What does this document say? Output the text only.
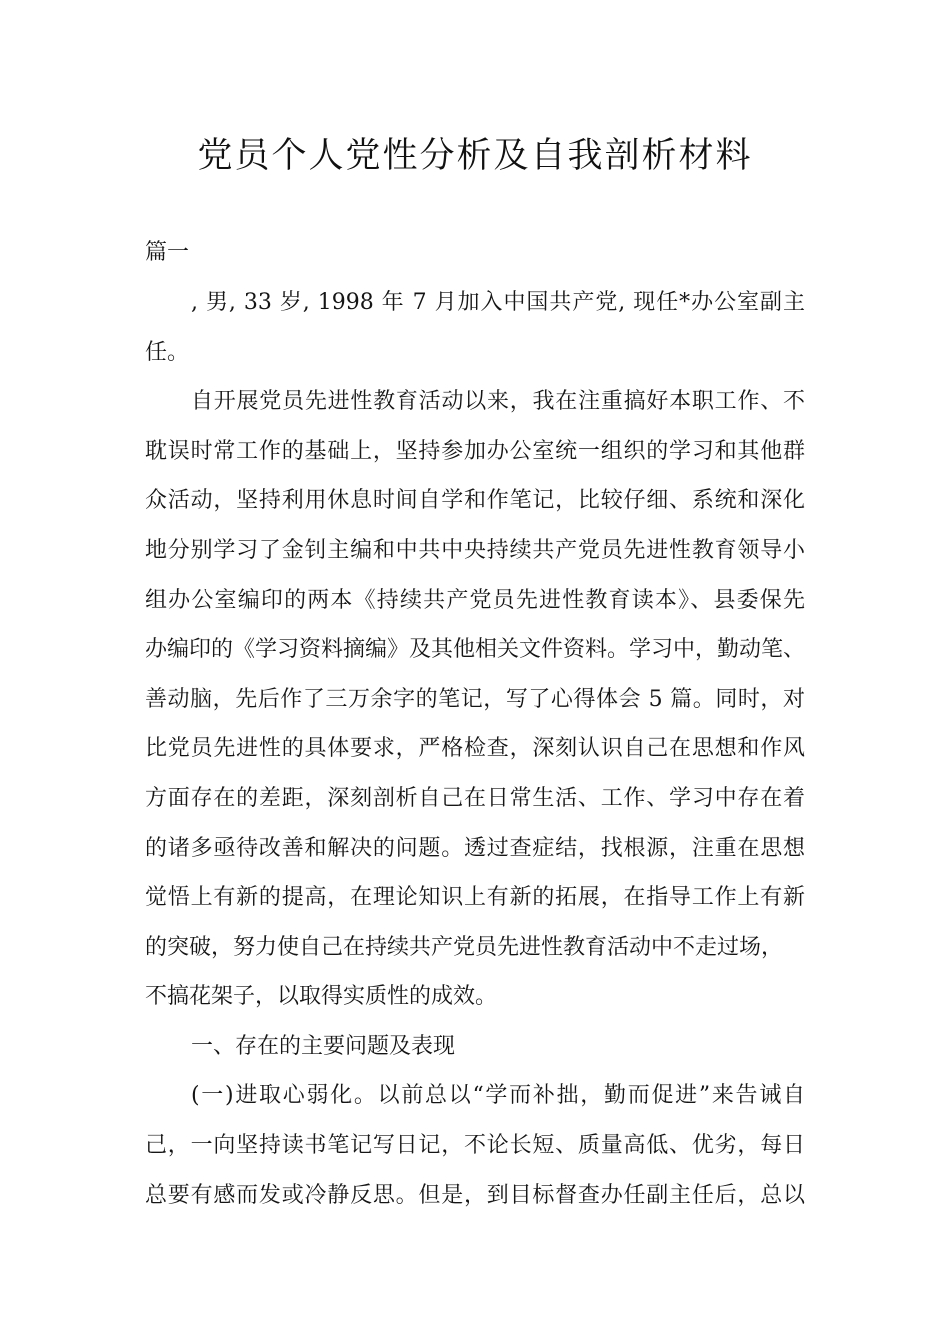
党员个人党性分析及自我剖析材料
篇一
, 男, 33 岁, 1998 年 7 月加入中国共产党, 现任*办公室副主
任。
自开展党员先进性教育活动以来，我在注重搞好本职工作、不
耽误时常工作的基础上，坚持参加办公室统一组织的学习和其他群
众活动，坚持利用休息时间自学和作笔记，比较仔细、系统和深化
地分别学习了金钊主编和中共中央持续共产党员先进性教育领导小
组办公室编印的两本《持续共产党员先进性教育读本》、县委保先
办编印的《学习资料摘编》及其他相关文件资料。学习中，勤动笔、
善动脑，先后作了三万余字的笔记，写了心得体会 5 篇。同时，对
比党员先进性的具体要求，严格检查，深刻认识自己在思想和作风
方面存在的差距，深刻剖析自己在日常生活、工作、学习中存在着
的诸多亟待改善和解决的问题。透过查症结，找根源，注重在思想
觉悟上有新的提高，在理论知识上有新的拓展，在指导工作上有新
的突破，努力使自己在持续共产党员先进性教育活动中不走过场，
不搞花架子，以取得实质性的成效。
一、存在的主要问题及表现
(一)进取心弱化。以前总以“学而补拙，勤而促进”来告诫自
己，一向坚持读书笔记写日记，不论长短、质量高低、优劣，每日
总要有感而发或冷静反思。但是，到目标督查办任副主任后，总以
